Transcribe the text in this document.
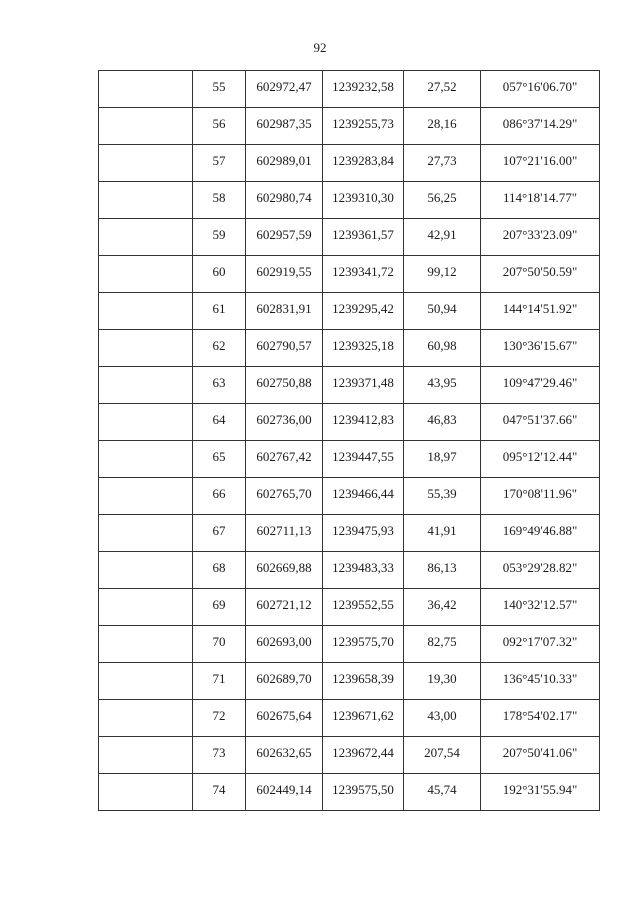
92

	55	602972,47	1239232,58	27,52	057°16'06.70"

	56	602987,35	1239255,73	28,16	086°37'14.29"

	57	602989,01	1239283,84	27,73	107°21'16.00"

	58	602980,74	1239310,30	56,25	114°18'14.77"

	59	602957,59	1239361,57	42,91	207°33'23.09"

	60	602919,55	1239341,72	99,12	207°50'50.59"

	61	602831,91	1239295,42	50,94	144°14'51.92"

	62	602790,57	1239325,18	60,98	130°36'15.67"

	63	602750,88	1239371,48	43,95	109°47'29.46"

	64	602736,00	1239412,83	46,83	047°51'37.66"

	65	602767,42	1239447,55	18,97	095°12'12.44"

	66	602765,70	1239466,44	55,39	170°08'11.96"

	67	602711,13	1239475,93	41,91	169°49'46.88"

	68	602669,88	1239483,33	86,13	053°29'28.82"

	69	602721,12	1239552,55	36,42	140°32'12.57"

	70	602693,00	1239575,70	82,75	092°17'07.32"

	71	602689,70	1239658,39	19,30	136°45'10.33"

	72	602675,64	1239671,62	43,00	178°54'02.17"

	73	602632,65	1239672,44	207,54	207°50'41.06"

	74	602449,14	1239575,50	45,74	192°31'55.94"
